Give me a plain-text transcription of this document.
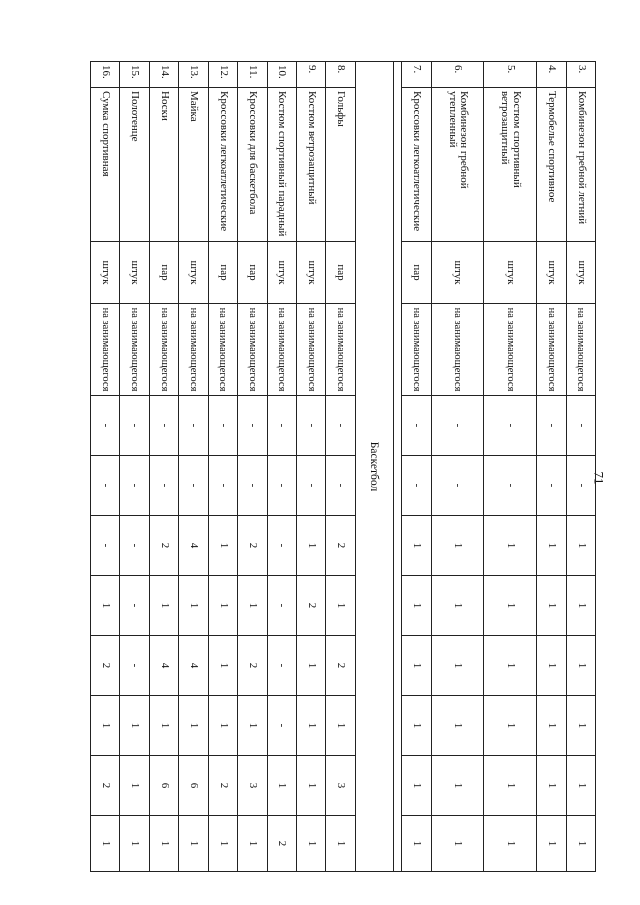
71
3.	Комбинезон гребной летний	штук	на занимающегося	-	-	1	1	1	1	1	1
4.	Термобелье спортивное	штук	на занимающегося	-	-	1	1	1	1	1	1
5.	Костюм спортивный ветрозащитный	штук	на занимающегося	-	-	1	1	1	1	1	1
6.	Комбинезон гребной утепленный	штук	на занимающегося	-	-	1	1	1	1	1	1
7.	Кроссовки легкоатлетические	пар	на занимающегося	-	-	1	1	1	1	1	1

Баскетбол											
8.	Гольфы	пар	на занимающегося	-	-	2	1	2	1	3	1
9.	Костюм ветрозащитный	штук	на занимающегося	-	-	1	2	1	1	1	1
10.	Костюм спортивный парадный	штук	на занимающегося	-	-	-	-	-	-	1	2
11.	Кроссовки для баскетбола	пар	на занимающегося	-	-	2	1	2	1	3	1
12.	Кроссовки легкоатлетические	пар	на занимающегося	-	-	1	1	1	1	2	1
13.	Майка	штук	на занимающегося	-	-	4	1	4	1	6	1
14.	Носки	пар	на занимающегося	-	-	2	1	4	1	6	1
15.	Полотенце	штук	на занимающегося	-	-	-	-	-	1	1	1
16.	Сумка спортивная	штук	на занимающегося	-	-	-	1	2	1	2	1
